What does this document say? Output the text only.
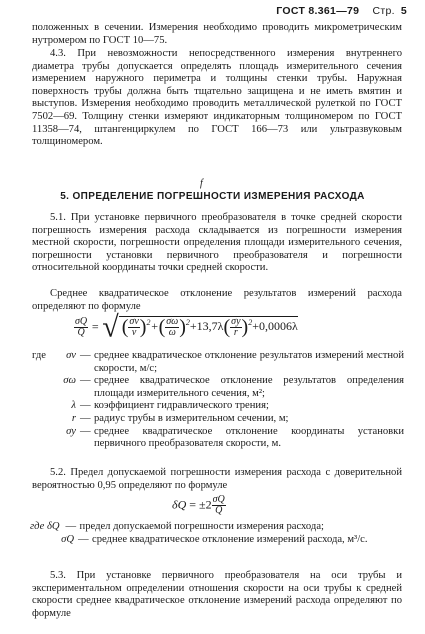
ГОСТ 8.361—79 Стр. 5
положенных в сечении. Измерения необходимо проводить микрометрическим нутромером по ГОСТ 10—75.
4.3. При невозможности непосредственного измерения внутреннего диаметра трубы допускается определять площадь измерительного сечения измерением наружного периметра и толщины стенки трубы. Наружная поверхность трубы должна быть тщательно защищена и не иметь вмятин и выступов. Измерения необходимо проводить металлической рулеткой по ГОСТ 7502—69. Толщину стенки измеряют индикаторным толщиномером по ГОСТ 11358—74, штангенциркулем по ГОСТ 166—73 или ультразвуковым толщиномером.
f
5. ОПРЕДЕЛЕНИЕ ПОГРЕШНОСТИ ИЗМЕРЕНИЯ РАСХОДА
5.1. При установке первичного преобразователя в точке средней скорости погрешность измерения расхода складывается из погрешности измерения местной скорости, погрешности определения площади измерительного сечения, погрешности установки первичного преобразователя и погрешности относительной координаты точки средней скорости.
Среднее квадратическое отклонение результатов измерений расхода определяют по формуле
$\frac{\sigma Q}{Q}$ = √ ( $\frac{\sigma v}{v} )^2+( \frac{\sigma\omega}{\omega} )^2+13,7\lambda( \frac{\sigma y}{r} )^2+0,0006\lambda$
где	σv — среднее квадратическое отклонение результатов измерений местной скорости, м/с;
σω — среднее квадратическое отклонение результатов определения площади измерительного сечения, м²;
λ — коэффициент гидравлического трения;
r — радиус трубы в измерительном сечении, м;
σy — среднее квадратическое отклонение координаты установки первичного преобразователя скорости, м.
5.2. Предел допускаемой погрешности измерения расхода с доверительной вероятностью 0,95 определяют по формуле
$\delta Q = \pm 2 \frac{\sigma Q}{Q}$
где δQ — предел допускаемой погрешности измерения расхода;
σQ — среднее квадратическое отклонение измерений расхода, м³/с.
5.3. При установке первичного преобразователя на оси трубы и экспериментальном определении отношения скорости на оси трубы к средней скорости среднее квадратическое отклонение измерений расхода определяют по формуле
